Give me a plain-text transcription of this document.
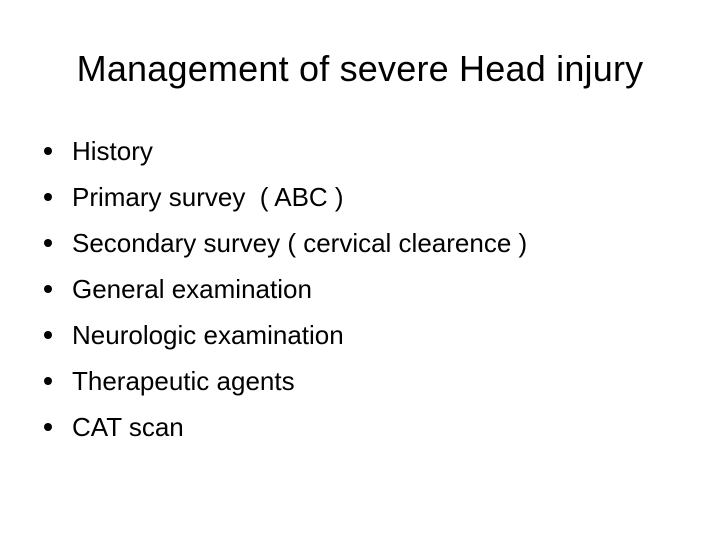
Management of severe Head injury
History
Primary survey  ( ABC )
Secondary survey ( cervical clearence )
General examination
Neurologic examination
Therapeutic agents
CAT scan
